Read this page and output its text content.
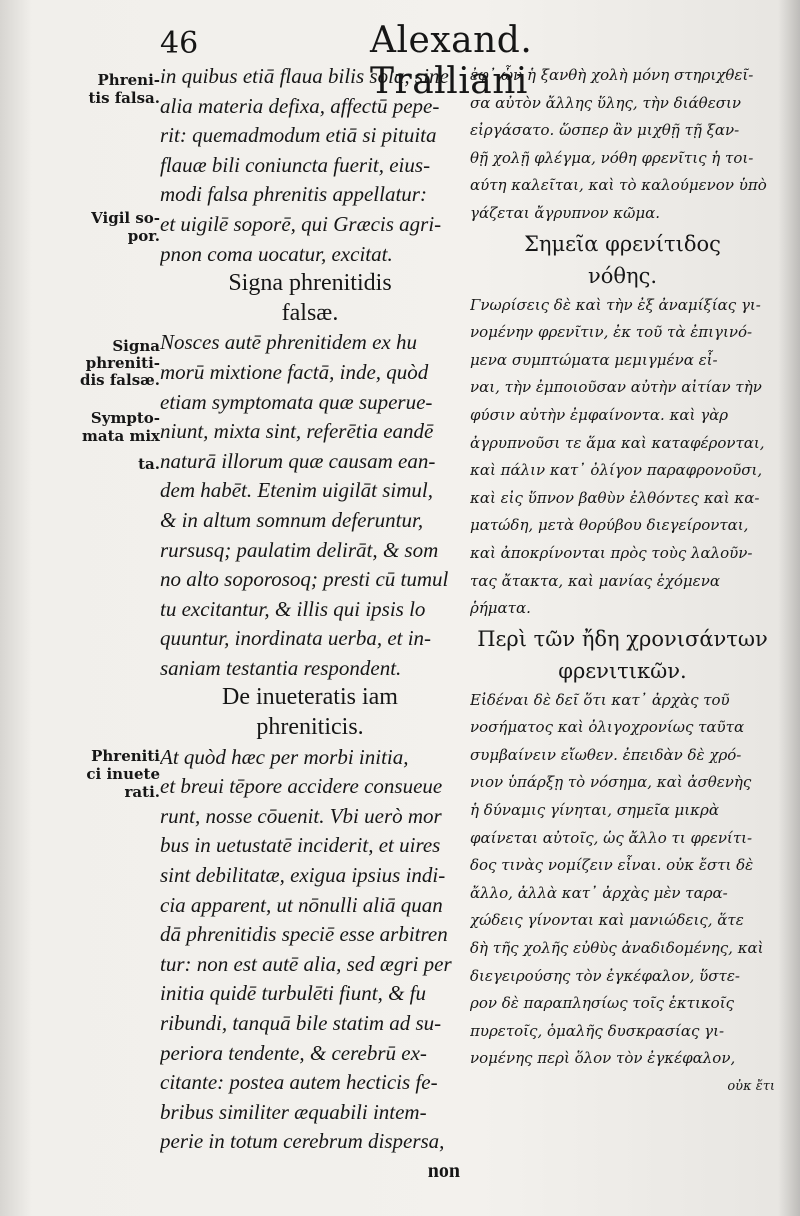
46	Alexand. Tralliani
Phreni-
tis falsa.
Vigil so-
por.
Signa
phreniti-
dis falsæ.
Sympto-
mata mix
ta.
Phreniti
ci inuete
rati.
in quibus etiā flaua bilis sola, sine
alia materia defixa, affectū pepe-
rit: quemadmodum etiā si pituita
flauæ bili coniuncta fuerit, eius-
modi falsa phrenitis appellatur:
et uigilē soporē, qui Græcis agri-
pnon coma uocatur, excitat.
Signa phrenitidis
falsæ.
Nosces autē phrenitidem ex hu
morū mixtione factā, inde, quòd
etiam symptomata quæ superue-
niunt, mixta sint, referētia eandē
naturā illorum quæ causam ean-
dem habēt. Etenim uigilāt simul,
& in altum somnum deferuntur,
rursusq; paulatim delirāt, & som
no alto soporosoq; presti cū tumul
tu excitantur, & illis qui ipsis lo
quuntur, inordinata uerba, et in-
saniam testantia respondent.
De inueteratis iam
phreniticis.
At quòd hæc per morbi initia,
et breui tēpore accidere consueue
runt, nosse cōuenit. Vbi uerò mor
bus in uetustatē inciderit, et uires
sint debilitatæ, exigua ipsius indi-
cia apparent, ut nōnulli aliā quan
dā phrenitidis speciē esse arbitren
tur: non est autē alia, sed ægri per
initia quidē turbulēti fiunt, & fu
ribundi, tanquā bile statim ad su-
periora tendente, & cerebrū ex-
citante: postea autem hecticis fe-
bribus similiter æquabili intem-
perie in totum cerebrum dispersa,
non
ἐφ᾽ ὧν ἡ ξανθὴ χολὴ μόνη στηριχθεῖ-
σα αὐτὸν ἄλλης ὕλης, τὴν διάθεσιν
εἰργάσατο. ὥσπερ ἂν μιχθῇ τῇ ξαν-
θῇ χολῇ φλέγμα, νόθη φρενῖτις ἡ τοι-
αύτη καλεῖται, καὶ τὸ καλούμενον ὑπὸ
γάζεται ἄγρυπνον κῶμα.
Σημεῖα φρενίτιδος
νόθης.
Γνωρίσεις δὲ καὶ τὴν ἐξ ἀναμίξίας γι-
νομένην φρενῖτιν, ἐκ τοῦ τὰ ἐπιγινό-
μενα συμπτώματα μεμιγμένα εἶ-
ναι, τὴν ἐμποιοῦσαν αὐτὴν αἰτίαν τὴν
φύσιν αὐτὴν ἐμφαίνοντα. καὶ γὰρ
ἀγρυπνοῦσι τε ἅμα καὶ καταφέρονται,
καὶ πάλιν κατ᾽ ὀλίγον παραφρονοῦσι,
καὶ εἰς ὕπνον βαθὺν ἐλθόντες καὶ κα-
ματώδη, μετὰ θορύβου διεγείρονται,
καὶ ἀποκρίνονται πρὸς τοὺς λαλοῦν-
τας ἄτακτα, καὶ μανίας ἐχόμενα
ῥήματα.
Περὶ τῶν ἤδη χρονισάντων
φρενιτικῶν.
Εἰδέναι δὲ δεῖ ὅτι κατ᾽ ἀρχὰς τοῦ
νοσήματος καὶ ὀλιγοχρονίως ταῦτα
συμβαίνειν εἴωθεν. ἐπειδὰν δὲ χρό-
νιον ὑπάρξῃ τὸ νόσημα, καὶ ἀσθενὴς
ἡ δύναμις γίνηται, σημεῖα μικρὰ
φαίνεται αὐτοῖς, ὡς ἄλλο τι φρενίτι-
δος τινὰς νομίζειν εἶναι. οὐκ ἔστι δὲ
ἄλλο, ἀλλὰ κατ᾽ ἀρχὰς μὲν ταρα-
χώδεις γίνονται καὶ μανιώδεις, ἅτε
δὴ τῆς χολῆς εὐθὺς ἀναδιδομένης, καὶ
διεγειρούσης τὸν ἐγκέφαλον, ὕστε-
ρον δὲ παραπλησίως τοῖς ἑκτικοῖς
πυρετοῖς, ὁμαλῆς δυσκρασίας γι-
νομένης περὶ ὅλον τὸν ἐγκέφαλον,
οὐκ ἔτι
